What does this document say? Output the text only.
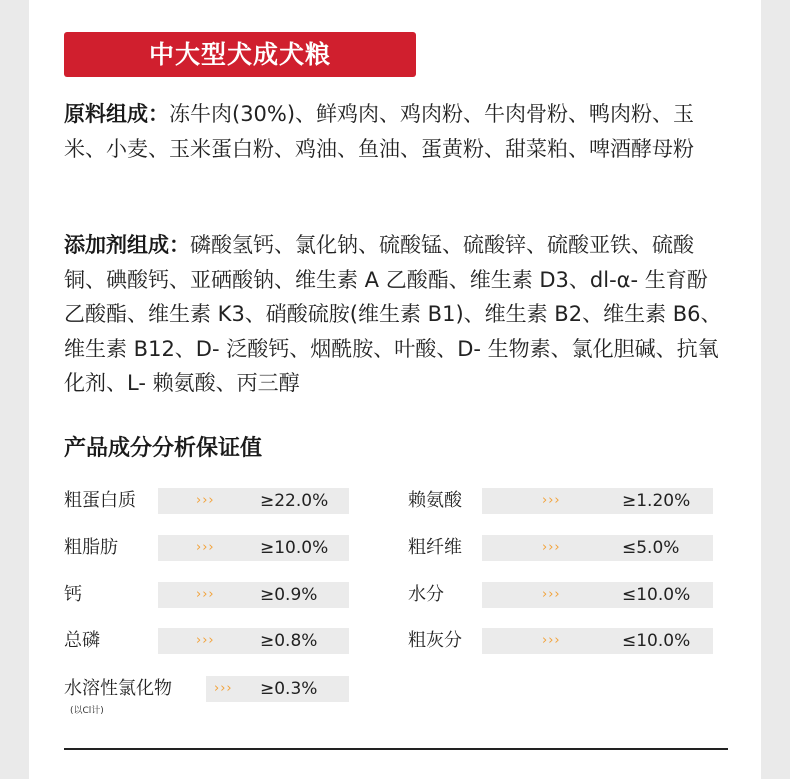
中大型犬成犬粮
原料组成：冻牛肉(30%)、鲜鸡肉、鸡肉粉、牛肉骨粉、鸭肉粉、玉米、小麦、玉米蛋白粉、鸡油、鱼油、蛋黄粉、甜菜粕、啤酒酵母粉
添加剂组成：磷酸氢钙、氯化钠、硫酸锰、硫酸锌、硫酸亚铁、硫酸铜、碘酸钙、亚硒酸钠、维生素 A 乙酸酯、维生素 D3、dl-α- 生育酚乙酸酯、维生素 K3、硝酸硫胺(维生素 B1)、维生素 B2、维生素 B6、维生素 B12、D- 泛酸钙、烟酰胺、叶酸、D- 生物素、氯化胆碱、抗氧化剂、L- 赖氨酸、丙三醇
产品成分分析保证值
粗蛋白质	›››	≥22.0%
粗脂肪	›››	≥10.0%
钙	›››	≥0.9%
总磷	›››	≥0.8%
水溶性氯化物	››› ≥0.3%
赖氨酸	›››	≥1.20%
粗纤维	›››	≤5.0%
水分	›››	≤10.0%
粗灰分	›››	≤10.0%
(以Cl计)
